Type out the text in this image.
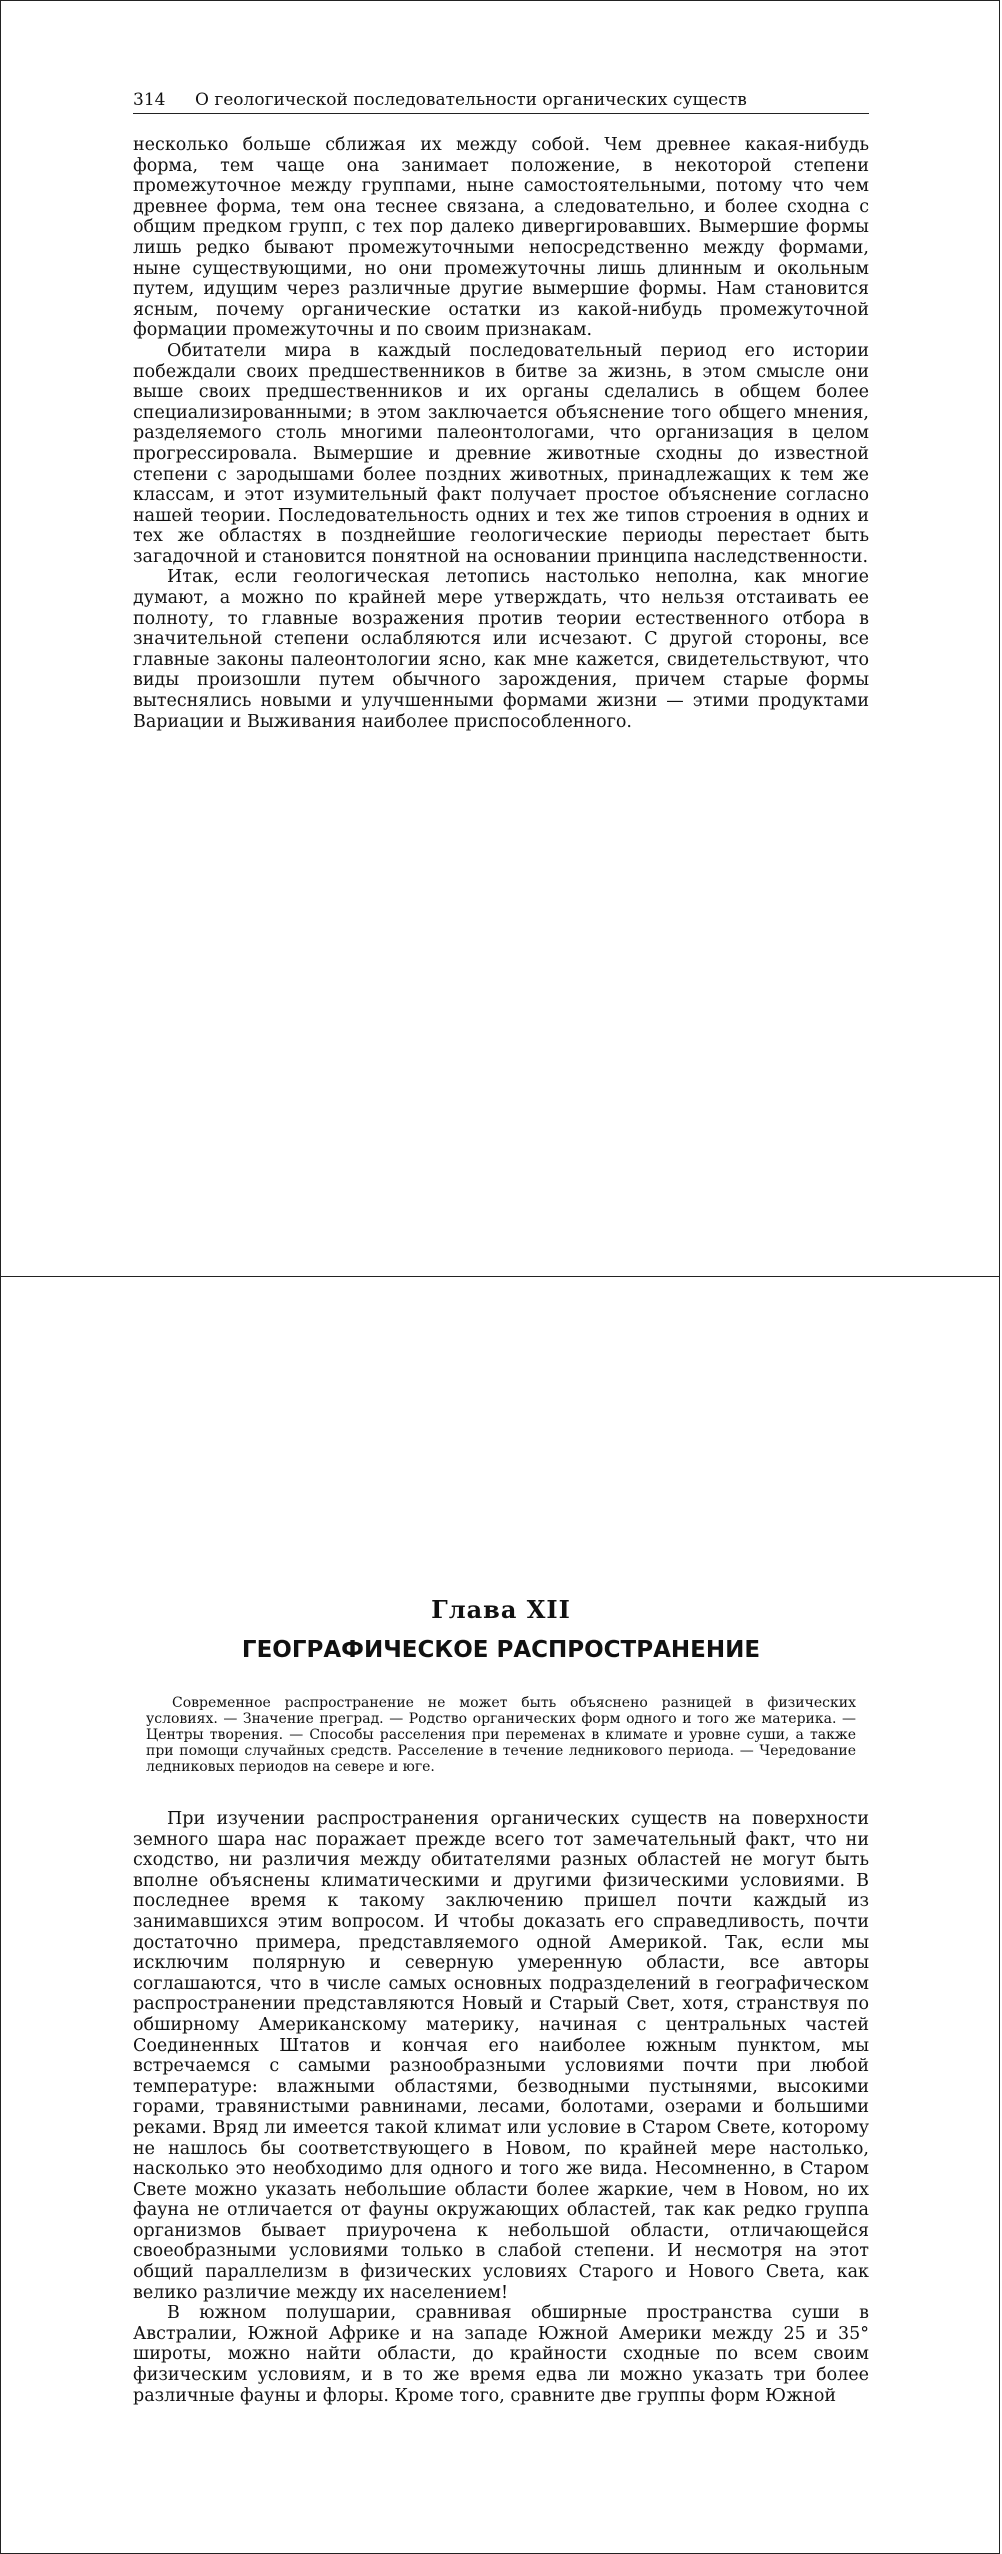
314 О геологической последовательности органических существ

несколько больше сближая их между собой. Чем древнее какая-нибудь форма, тем чаще она занимает положение, в некоторой степени промежуточное между группами, ныне самостоятельными, потому что чем древнее форма, тем она теснее связана, а следовательно, и более сходна с общим предком групп, с тех пор далеко дивергировавших. Вымершие формы лишь редко бывают промежуточными непосредственно между формами, ныне существующими, но они промежуточны лишь длинным и окольным путем, идущим через различные другие вымершие формы. Нам становится ясным, почему органические остатки из какой-нибудь промежуточной формации промежуточны и по своим признакам.

Обитатели мира в каждый последовательный период его истории побеждали своих предшественников в битве за жизнь, в этом смысле они выше своих предшественников и их органы сделались в общем более специализированными; в этом заключается объяснение того общего мнения, разделяемого столь многими палеонтологами, что организация в целом прогрессировала. Вымершие и древние животные сходны до известной степени с зародышами более поздних животных, принадлежащих к тем же классам, и этот изумительный факт получает простое объяснение согласно нашей теории. Последовательность одних и тех же типов строения в одних и тех же областях в позднейшие геологические периоды перестает быть загадочной и становится понятной на основании принципа наследственности.

Итак, если геологическая летопись настолько неполна, как многие думают, а можно по крайней мере утверждать, что нельзя отстаивать ее полноту, то главные возражения против теории естественного отбора в значительной степени ослабляются или исчезают. С другой стороны, все главные законы палеонтологии ясно, как мне кажется, свидетельствуют, что виды произошли путем обычного зарождения, причем старые формы вытеснялись новыми и улучшенными формами жизни — этими продуктами Вариации и Выживания наиболее приспособленного.

Глава XII
ГЕОГРАФИЧЕСКОЕ РАСПРОСТРАНЕНИЕ

Современное распространение не может быть объяснено разницей в физических условиях. — Значение преград. — Родство органических форм одного и того же материка. — Центры творения. — Способы расселения при переменах в климате и уровне суши, а также при помощи случайных средств. Расселение в течение ледникового периода. — Чередование ледниковых периодов на севере и юге.

При изучении распространения органических существ на поверхности земного шара нас поражает прежде всего тот замечательный факт, что ни сходство, ни различия между обитателями разных областей не могут быть вполне объяснены климатическими и другими физическими условиями. В последнее время к такому заключению пришел почти каждый из занимавшихся этим вопросом. И чтобы доказать его справедливость, почти достаточно примера, представляемого одной Америкой. Так, если мы исключим полярную и северную умеренную области, все авторы соглашаются, что в числе самых основных подразделений в географическом распространении представляются Новый и Старый Свет, хотя, странствуя по обширному Американскому материку, начиная с центральных частей Соединенных Штатов и кончая его наиболее южным пунктом, мы встречаемся с самыми разнообразными условиями почти при любой температуре: влажными областями, безводными пустынями, высокими горами, травянистыми равнинами, лесами, болотами, озерами и большими реками. Вряд ли имеется такой климат или условие в Старом Свете, которому не нашлось бы соответствующего в Новом, по крайней мере настолько, насколько это необходимо для одного и того же вида. Несомненно, в Старом Свете можно указать небольшие области более жаркие, чем в Новом, но их фауна не отличается от фауны окружающих областей, так как редко группа организмов бывает приурочена к небольшой области, отличающейся своеобразными условиями только в слабой степени. И несмотря на этот общий параллелизм в физических условиях Старого и Нового Света, как велико различие между их населением!

В южном полушарии, сравнивая обширные пространства суши в Австралии, Южной Африке и на западе Южной Америки между 25 и 35° широты, можно найти области, до крайности сходные по всем своим физическим условиям, и в то же время едва ли можно указать три более различные фауны и флоры. Кроме того, сравните две группы форм Южной
